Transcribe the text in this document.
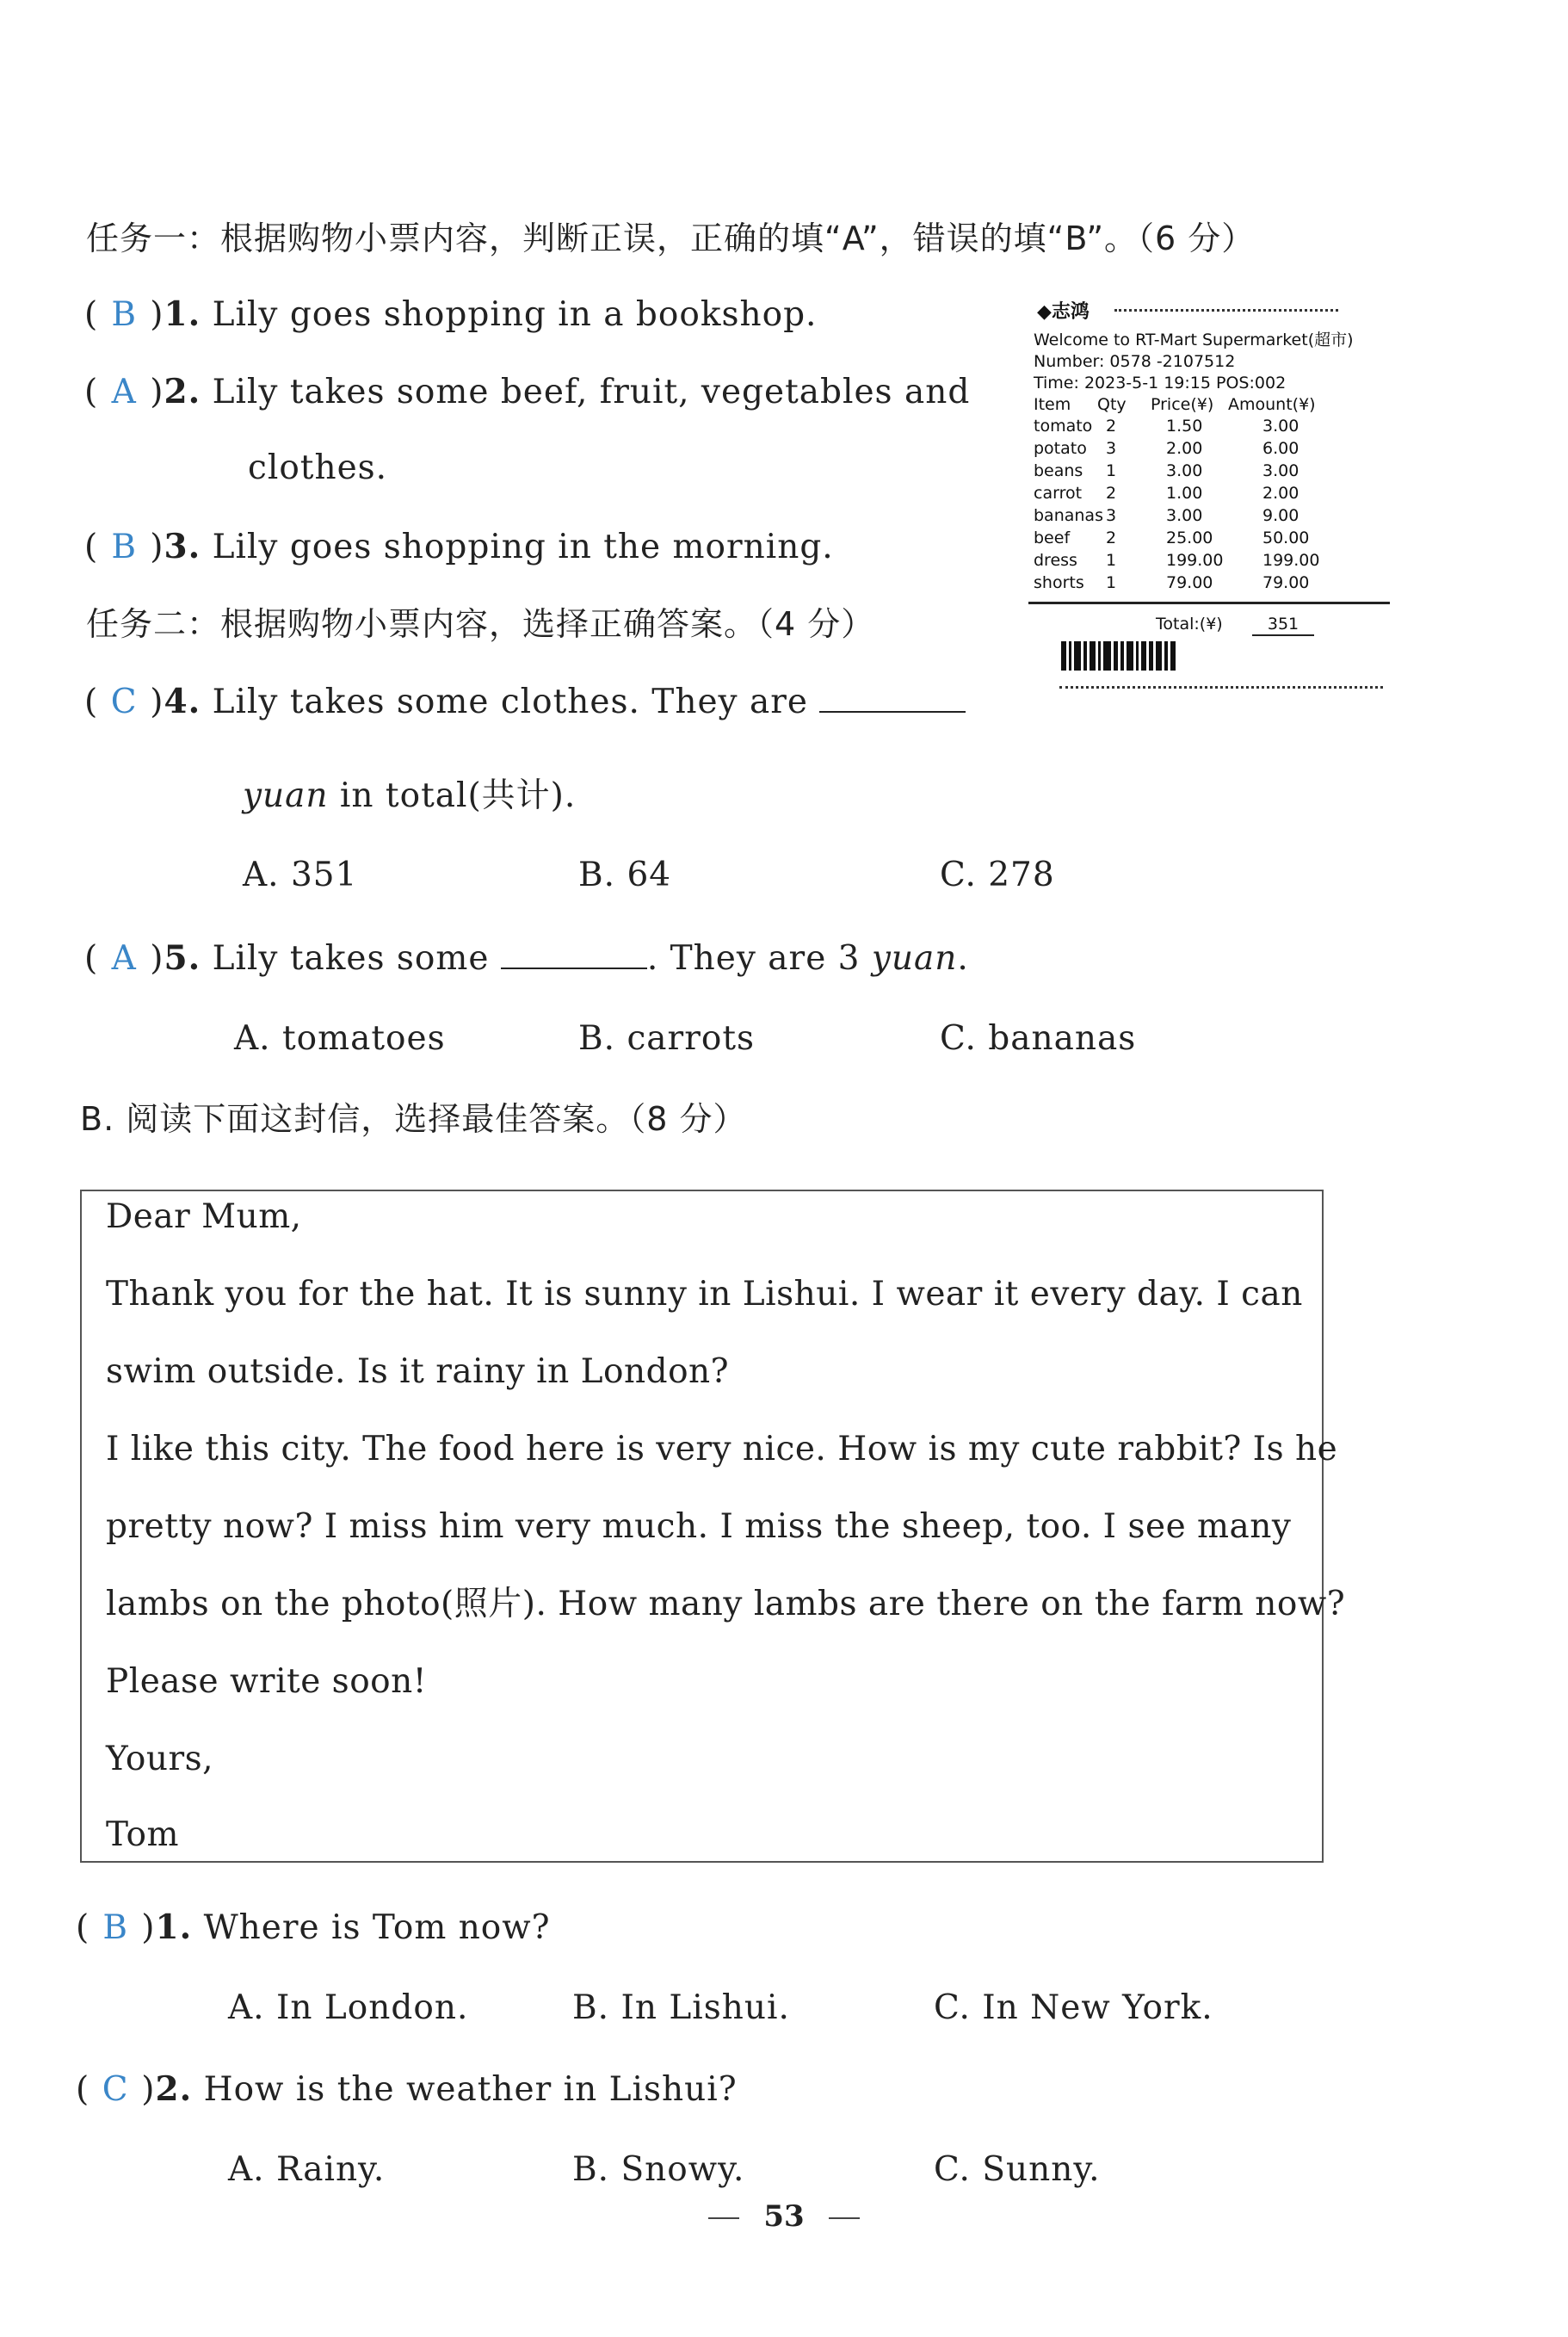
任务一：根据购物小票内容，判断正误，正确的填“A”，错误的填“B”。（6 分）
( B )1. Lily goes shopping in a bookshop.
( A )2. Lily takes some beef, fruit, vegetables and
clothes.
( B )3. Lily goes shopping in the morning.
任务二：根据购物小票内容，选择正确答案。（4 分）
( C )4. Lily takes some clothes. They are
yuan in total(共计).
A. 351	B. 64	C. 278
( A )5. Lily takes some	. They are 3 yuan.
A. tomatoes	B. carrots	C. bananas
◆志鸿
Welcome to RT-Mart Supermarket(超市)
Number: 0578 -2107512
Time: 2023-5-1 19:15 POS:002
Item Qty Price(¥) Amount(¥)
tomato 2	1.50	3.00
potato 3	2.00	6.00
beans 1	3.00	3.00
carrot 2	1.00	2.00
bananas 3	3.00	9.00
beef 2	25.00	50.00
dress 1	199.00 199.00
shorts 1	79.00	79.00
Total:(¥)	351
B. 阅读下面这封信，选择最佳答案。（8 分）
Dear Mum,
Thank you for the hat. It is sunny in Lishui. I wear it every day. I can
swim outside. Is it rainy in London?
I like this city. The food here is very nice. How is my cute rabbit? Is he
pretty now? I miss him very much. I miss the sheep, too. I see many
lambs on the photo(照片). How many lambs are there on the farm now?
Please write soon!
Yours,
Tom
( B )1. Where is Tom now?
A. In London.	B. In Lishui.	C. In New York.
( C )2. How is the weather in Lishui?
A. Rainy.	B. Snowy.	C. Sunny.
53
